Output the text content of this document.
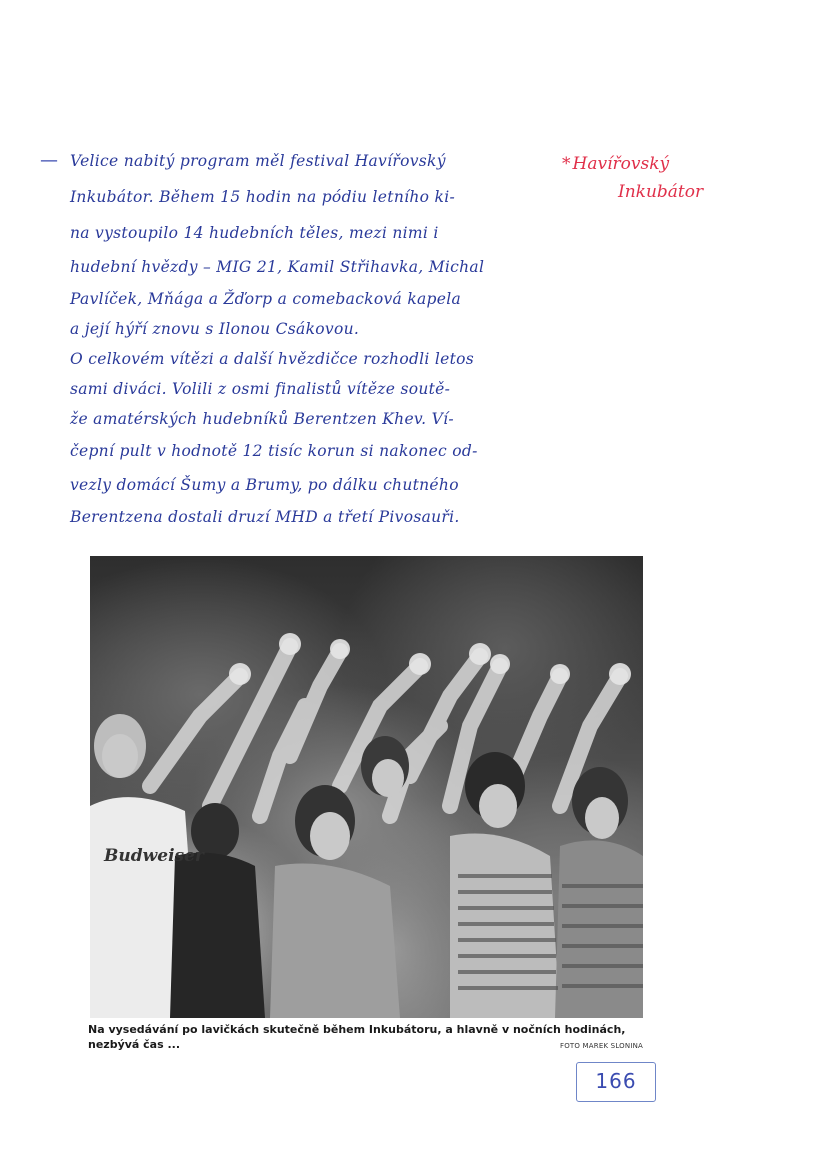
— Velice nabitý program měl festival Havířovský
Inkubátor. Během 15 hodin na pódiu letního ki-
na vystoupilo 14 hudebních těles, mezi nimi i
hudební hvězdy – MIG 21, Kamil Střihavka, Michal
Pavlíček, Mňága a Žďorp a comebacková kapela
a její hýří znovu s Ilonou Csákovou.
O celkovém vítězi a další hvězdičce rozhodli letos
sami diváci. Volili z osmi finalistů vítěze soutě-
že amatérských hudebníků Berentzen Khev. Ví-
čepní pult v hodnotě 12 tisíc korun si nakonec od-
vezly domácí Šumy a Brumy, po dálku chutného
Berentzena dostali druzí MHD a třetí Pivosauři.
* Havířovský
Inkubátor
Budweiser
Na vysedávání po lavičkách skutečně během Inkubátoru, a hlavně v nočních hodinách, nezbývá čas ...	FOTO MAREK SLONINA
166
